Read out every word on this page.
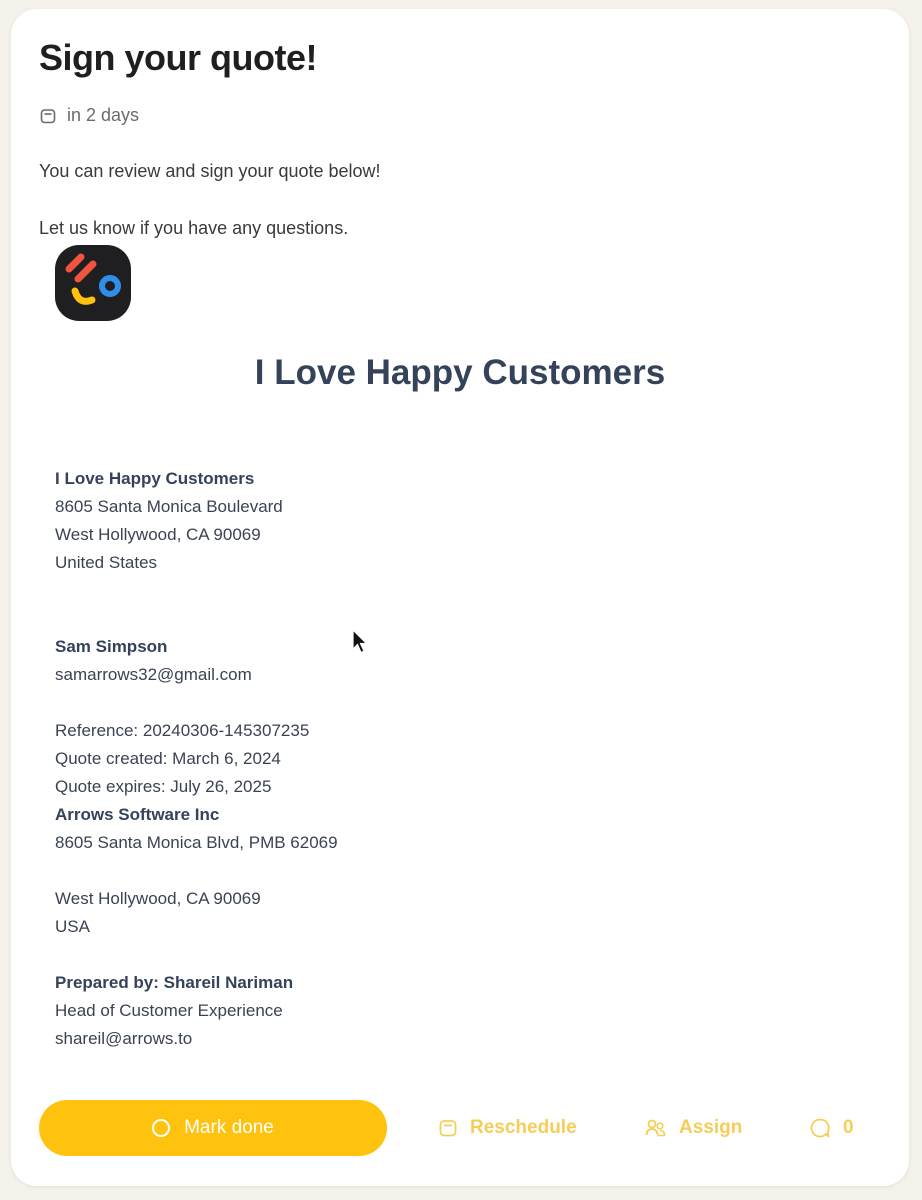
Sign your quote!
in 2 days

You can review and sign your quote below!

Let us know if you have any questions.

I Love Happy Customers
I Love Happy Customers
8605 Santa Monica Boulevard
West Hollywood, CA 90069
United States
Sam Simpson
samarrows32@gmail.com
Reference: 20240306-145307235
Quote created: March 6, 2024
Quote expires: July 26, 2025
Arrows Software Inc
8605 Santa Monica Blvd, PMB 62069
West Hollywood, CA 90069
USA
Prepared by: Shareil Nariman
Head of Customer Experience
shareil@arrows.to
Mark done	Reschedule	Assign	0
